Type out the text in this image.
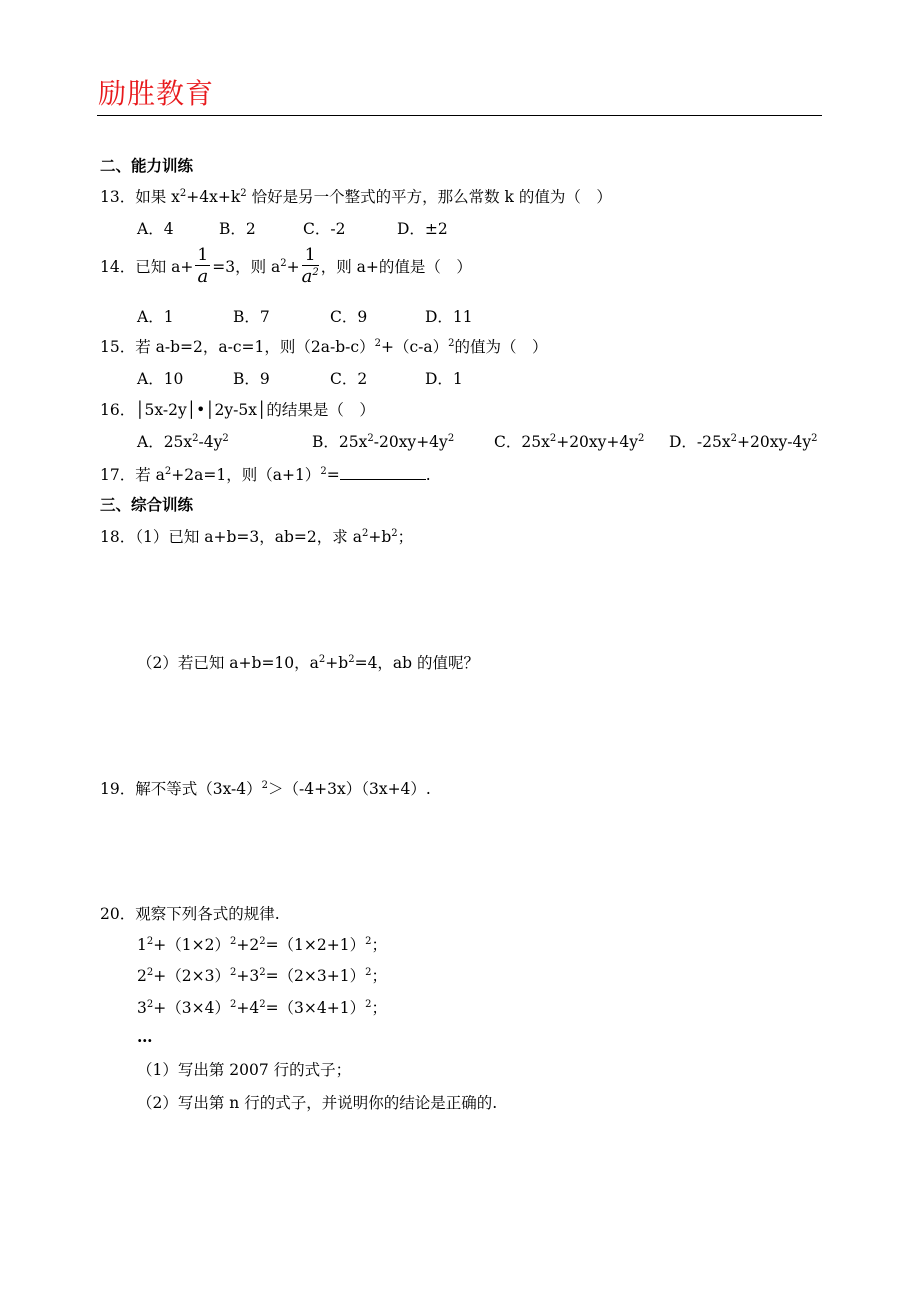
励胜教育
二、能力训练
13．如果 $x^2+4x+k^2$ 恰好是另一个整式的平方，那么常数 k 的值为（　）
A．4	B．2	C．-2	D．±2
14．已知 $a+ \frac{1}{a} =3$，则 $a^2+ \frac{1}{a^2}$ ，则 a+的值是（　）
A．1	B．7	C．9	D．11
15．若 a-b=2，a-c=1，则$(2a-b-c)^2+(c-a)^2$的值为（　）
A．10	B．9	C．2	D．1
16．│5x-2y│•│2y-5x│的结果是（　）
A．$25x^2-4y^2$	B．$25x^2-20xy+4y^2$	C．$25x^2+20xy+4y^2$ D．$-25x^2+20xy-4y^2$
17．若 $a^2+2a=1$，则$(a+1)^2=$	.
三、综合训练
18．（1）已知 a+b=3，ab=2，求 $a^2+b^2$；
（2）若已知 a+b=10，$a^2+b^2=4$，ab 的值呢？
19．解不等式$(3x-4)^2>(-4+3x)(3x+4)$.
20．观察下列各式的规律.
$1^2+(1\times 2)^2+2^2=(1\times 2+1)^2$；
$2^2+(2\times 3)^2+3^2=(2\times 3+1)^2$；
$3^2+(3\times 4)^2+4^2=(3\times 4+1)^2$；
…
（1）写出第 2007 行的式子；
（2）写出第 n 行的式子，并说明你的结论是正确的.
